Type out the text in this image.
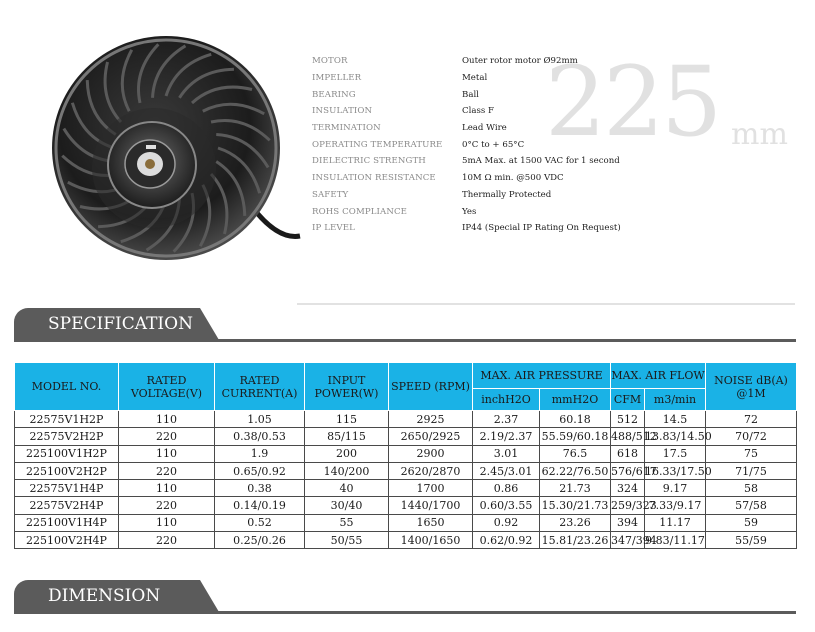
MOTOR	Outer rotor motor Ø92mm
IMPELLER	Metal
BEARING	Ball
INSULATION	Class F
TERMINATION	Lead Wire
OPERATING TEMPERATURE	0°C to + 65°C
DIELECTRIC STRENGTH	5mA Max. at 1500 VAC for 1 second
INSULATION RESISTANCE	10M Ω min. @500 VDC
SAFETY	Thermally Protected
ROHS COMPLIANCE	Yes
IP LEVEL	IP44 (Special IP Rating On Request)
225 mm
SPECIFICATION
MODEL NO.	RATED VOLTAGE(V)	RATED CURRENT(A)	INPUT POWER(W)	SPEED (RPM)	MAX. AIR PRESSURE		MAX. AIR FLOW		NOISE dB(A) @1M
					inchH2O	mmH2O	CFM	m3/min	
22575V1H2P	110	1.05	115	2925	2.37	60.18	512	14.5	72
22575V2H2P	220	0.38/0.53	85/115	2650/2925	2.19/2.37	55.59/60.18	488/512	13.83/14.50	70/72
225100V1H2P	110	1.9	200	2900	3.01	76.5	618	17.5	75
225100V2H2P	220	0.65/0.92	140/200	2620/2870	2.45/3.01	62.22/76.50	576/617	16.33/17.50	71/75
22575V1H4P	110	0.38	40	1700	0.86	21.73	324	9.17	58
22575V2H4P	220	0.14/0.19	30/40	1440/1700	0.60/3.55	15.30/21.73	259/323	7.33/9.17	57/58
225100V1H4P	110	0.52	55	1650	0.92	23.26	394	11.17	59
225100V2H4P	220	0.25/0.26	50/55	1400/1650	0.62/0.92	15.81/23.26	347/394	9.83/11.17	55/59
DIMENSION
